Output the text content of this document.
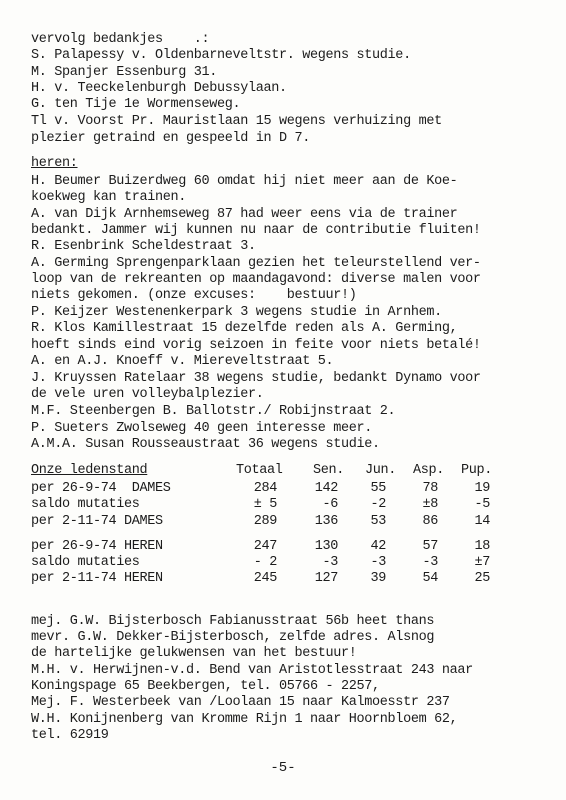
vervolg bedankjes    .:
S. Palapessy v. Oldenbarneveltstr. wegens studie.
M. Spanjer Essenburg 31.
H. v. Teeckelenburgh Debussylaan.
G. ten Tije 1e Wormenseweg.
Tl v. Voorst Pr. Mauristlaan 15 wegens verhuizing met
plezier getraind en gespeeld in D 7.
heren:
H. Beumer Buizerdweg 60 omdat hij niet meer aan de Koe-
koekweg kan trainen.
A. van Dijk Arnhemseweg 87 had weer eens via de trainer
bedankt. Jammer wij kunnen nu naar de contributie fluiten!
R. Esenbrink Scheldestraat 3.
A. Germing Sprengenparklaan gezien het teleurstellend ver-
loop van de rekreanten op maandagavond: diverse malen voor
niets gekomen. (onze excuses:    bestuur!)
P. Keijzer Westenenkerpark 3 wegens studie in Arnhem.
R. Klos Kamillestraat 15 dezelfde reden als A. Germing,
hoeft sinds eind vorig seizoen in feite voor niets betalé!
A. en A.J. Knoeff v. Miereveltstraat 5.
J. Kruyssen Ratelaar 38 wegens studie, bedankt Dynamo voor
de vele uren volleybalplezier.
M.F. Steenbergen B. Ballotstr./ Robijnstraat 2.
P. Sueters Zwolseweg 40 geen interesse meer.
A.M.A. Susan Rousseaustraat 36 wegens studie.
Onze ledenstand	Totaal Sen. Jun. Asp. Pup.
per 26-9-74  DAMES	284	142	55	78	19
saldo mutaties	± 5	-6	-2	±8	-5
per 2-11-74 DAMES	289	136	53	86	14
per 26-9-74 HEREN	247	130	42	57	18
saldo mutaties	- 2	-3	-3	-3	±7
per 2-11-74 HEREN	245	127	39	54	25
mej. G.W. Bijsterbosch Fabianusstraat 56b heet thans
mevr. G.W. Dekker-Bijsterbosch, zelfde adres. Alsnog
de hartelijke gelukwensen van het bestuur!
M.H. v. Herwijnen-v.d. Bend van Aristotlesstraat 243 naar
Koningspage 65 Beekbergen, tel. 05766 - 2257,
Mej. F. Westerbeek van /Loolaan 15 naar Kalmoesstr 237
W.H. Konijnenberg van Kromme Rijn 1 naar Hoornbloem 62,
tel. 62919
-5-
